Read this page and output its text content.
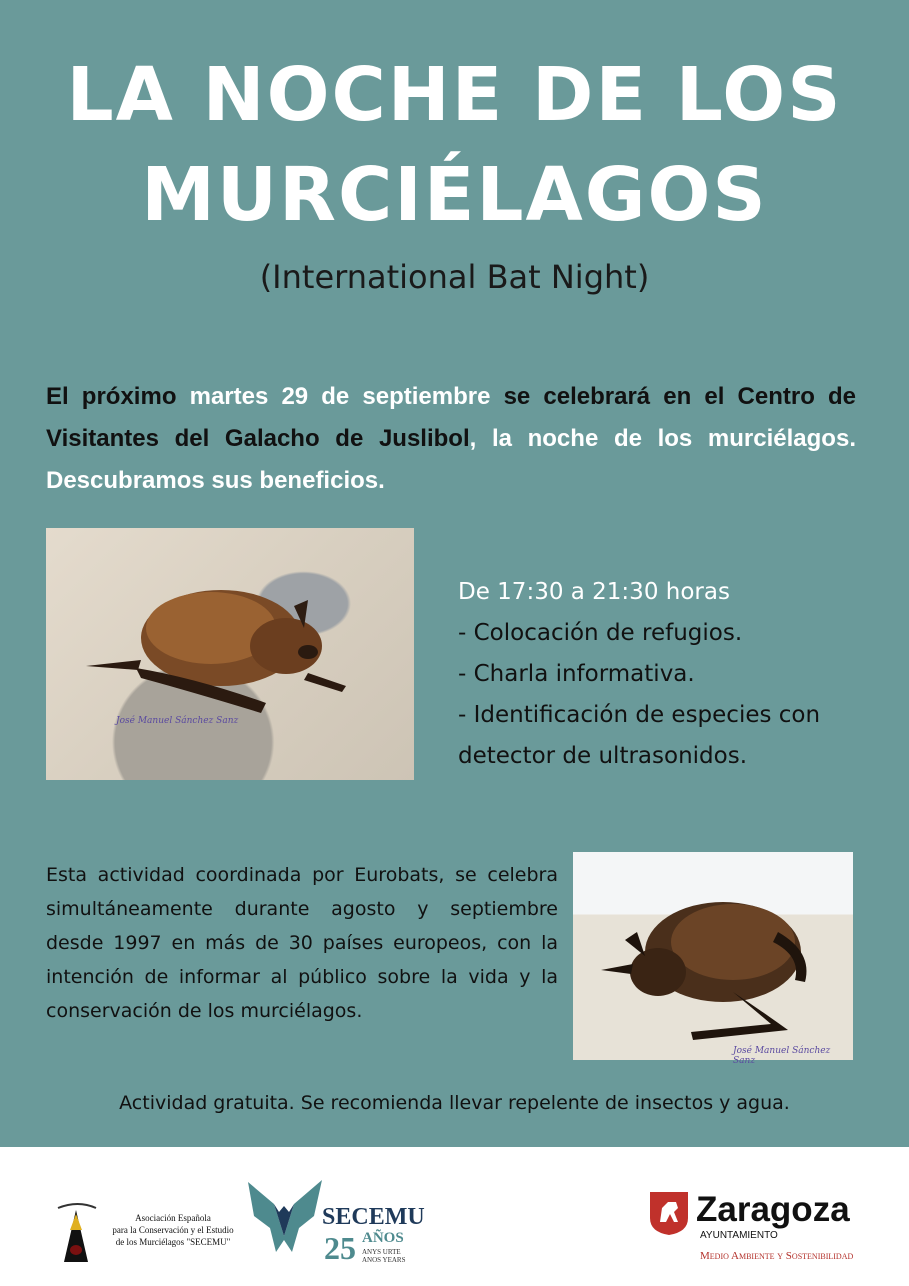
LA NOCHE DE LOS
MURCIÉLAGOS
(International Bat Night)
El próximo martes 29 de septiembre se celebrará en el Centro de Visitantes del Galacho de Juslibol, la noche de los murciélagos. Descubramos sus beneficios.
José Manuel Sánchez Sanz
De 17:30 a 21:30 horas
- Colocación de refugios.
- Charla informativa.
- Identificación de especies con detector de ultrasonidos.
Esta actividad coordinada por Eurobats, se celebra simultáneamente durante agosto y septiembre desde 1997 en más de 30 países europeos, con la intención de informar al público sobre la vida y la conservación de los murciélagos.
José Manuel Sánchez Sanz
Actividad gratuita. Se recomienda llevar repelente de insectos y agua.
Asociación Española
para la Conservación y el Estudio
de los Murciélagos "SECEMU"
SECEMU
25 AÑOS
ANYS URTE
ANOS YEARS
Zaragoza
AYUNTAMIENTO
Medio Ambiente y Sostenibilidad
